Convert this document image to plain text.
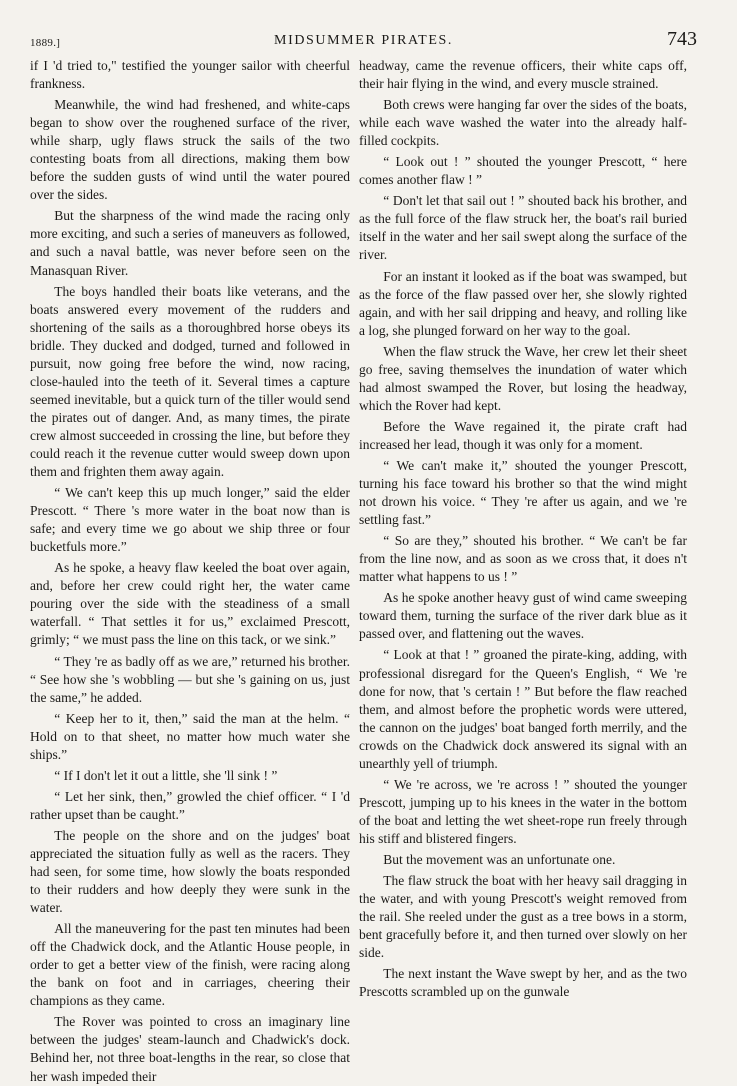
1889.]	MIDSUMMER PIRATES.	743

if I 'd tried to," testified the younger sailor with cheerful frankness.

Meanwhile, the wind had freshened, and white-caps began to show over the roughened surface of the river, while sharp, ugly flaws struck the sails of the two contesting boats from all directions, making them bow before the sudden gusts of wind until the water poured over the sides.

But the sharpness of the wind made the racing only more exciting, and such a series of maneuvers as followed, and such a naval battle, was never before seen on the Manasquan River.

The boys handled their boats like veterans, and the boats answered every movement of the rudders and shortening of the sails as a thoroughbred horse obeys its bridle. They ducked and dodged, turned and followed in pursuit, now going free before the wind, now racing, close-hauled into the teeth of it. Several times a capture seemed inevitable, but a quick turn of the tiller would send the pirates out of danger. And, as many times, the pirate crew almost succeeded in crossing the line, but before they could reach it the revenue cutter would sweep down upon them and frighten them away again.

“ We can't keep this up much longer,” said the elder Prescott. “ There 's more water in the boat now than is safe; and every time we go about we ship three or four bucketfuls more.”

As he spoke, a heavy flaw keeled the boat over again, and, before her crew could right her, the water came pouring over the side with the steadiness of a small waterfall. “ That settles it for us,” exclaimed Prescott, grimly; “ we must pass the line on this tack, or we sink.”

“ They 're as badly off as we are,” returned his brother. “ See how she 's wobbling — but she 's gaining on us, just the same,” he added.

“ Keep her to it, then,” said the man at the helm. “ Hold on to that sheet, no matter how much water she ships.”

“ If I don't let it out a little, she 'll sink ! ”

“ Let her sink, then,” growled the chief officer. “ I 'd rather upset than be caught.”

The people on the shore and on the judges' boat appreciated the situation fully as well as the racers. They had seen, for some time, how slowly the boats responded to their rudders and how deeply they were sunk in the water.

All the maneuvering for the past ten minutes had been off the Chadwick dock, and the Atlantic House people, in order to get a better view of the finish, were racing along the bank on foot and in carriages, cheering their champions as they came.

The Rover was pointed to cross an imaginary line between the judges' steam-launch and Chadwick's dock. Behind her, not three boat-lengths in the rear, so close that her wash impeded their

headway, came the revenue officers, their white caps off, their hair flying in the wind, and every muscle strained.

Both crews were hanging far over the sides of the boats, while each wave washed the water into the already half-filled cockpits.

“ Look out ! ” shouted the younger Prescott, “ here comes another flaw ! ”

“ Don't let that sail out ! ” shouted back his brother, and as the full force of the flaw struck her, the boat's rail buried itself in the water and her sail swept along the surface of the river.

For an instant it looked as if the boat was swamped, but as the force of the flaw passed over her, she slowly righted again, and with her sail dripping and heavy, and rolling like a log, she plunged forward on her way to the goal.

When the flaw struck the Wave, her crew let their sheet go free, saving themselves the inundation of water which had almost swamped the Rover, but losing the headway, which the Rover had kept.

Before the Wave regained it, the pirate craft had increased her lead, though it was only for a moment.

“ We can't make it,” shouted the younger Prescott, turning his face toward his brother so that the wind might not drown his voice. “ They 're after us again, and we 're settling fast.”

“ So are they,” shouted his brother. “ We can't be far from the line now, and as soon as we cross that, it does n't matter what happens to us ! ”

As he spoke another heavy gust of wind came sweeping toward them, turning the surface of the river dark blue as it passed over, and flattening out the waves.

“ Look at that ! ” groaned the pirate-king, adding, with professional disregard for the Queen's English, “ We 're done for now, that 's certain ! ” But before the flaw reached them, and almost before the prophetic words were uttered, the cannon on the judges' boat banged forth merrily, and the crowds on the Chadwick dock answered its signal with an unearthly yell of triumph.

“ We 're across, we 're across ! ” shouted the younger Prescott, jumping up to his knees in the water in the bottom of the boat and letting the wet sheet-rope run freely through his stiff and blistered fingers.

But the movement was an unfortunate one.

The flaw struck the boat with her heavy sail dragging in the water, and with young Prescott's weight removed from the rail. She reeled under the gust as a tree bows in a storm, bent gracefully before it, and then turned over slowly on her side.

The next instant the Wave swept by her, and as the two Prescotts scrambled up on the gunwale
